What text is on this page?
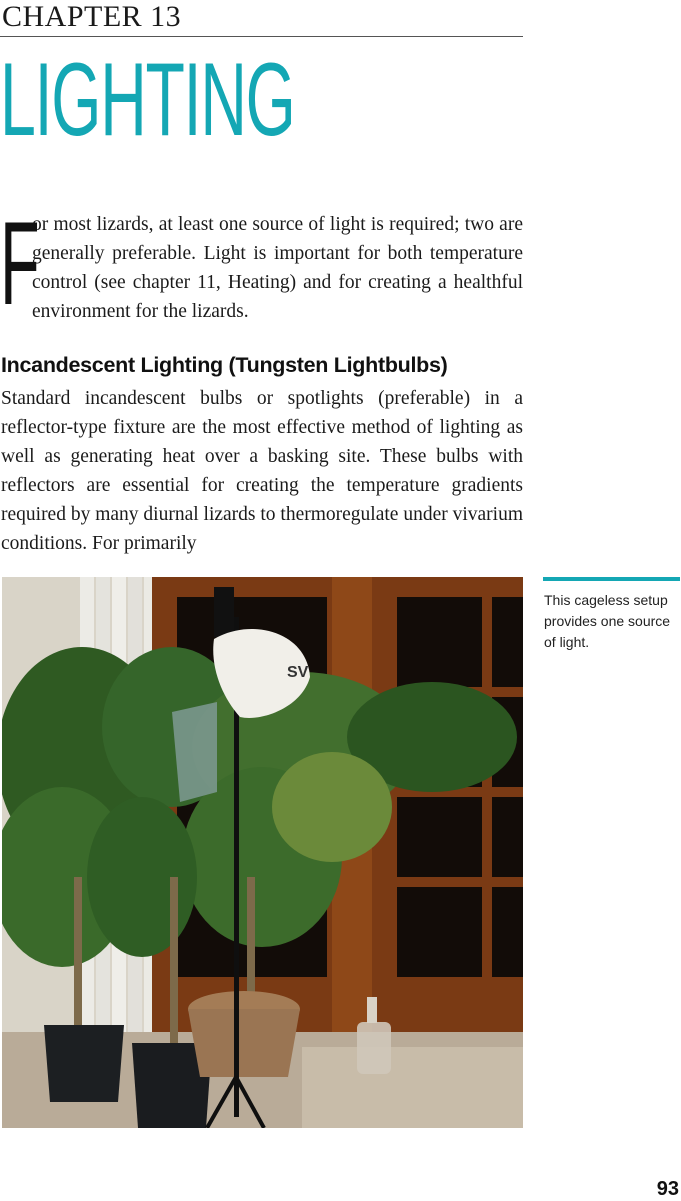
CHAPTER 13
LIGHTING
F

or most lizards, at least one source of light is required; two are generally preferable. Light is important for both temperature control (see chapter 11, Heating) and for creating a healthful environment for the lizards.

Incandescent Lighting (Tungsten Lightbulbs)

Standard incandescent bulbs or spotlights (preferable) in a reflector-type fixture are the most effective method of lighting as well as generating heat over a basking site. These bulbs with reflectors are essential for creating the temperature gradients required by many diurnal lizards to thermoregulate under vivarium conditions. For primarily

SV
This cageless setup provides one source of light.
93
